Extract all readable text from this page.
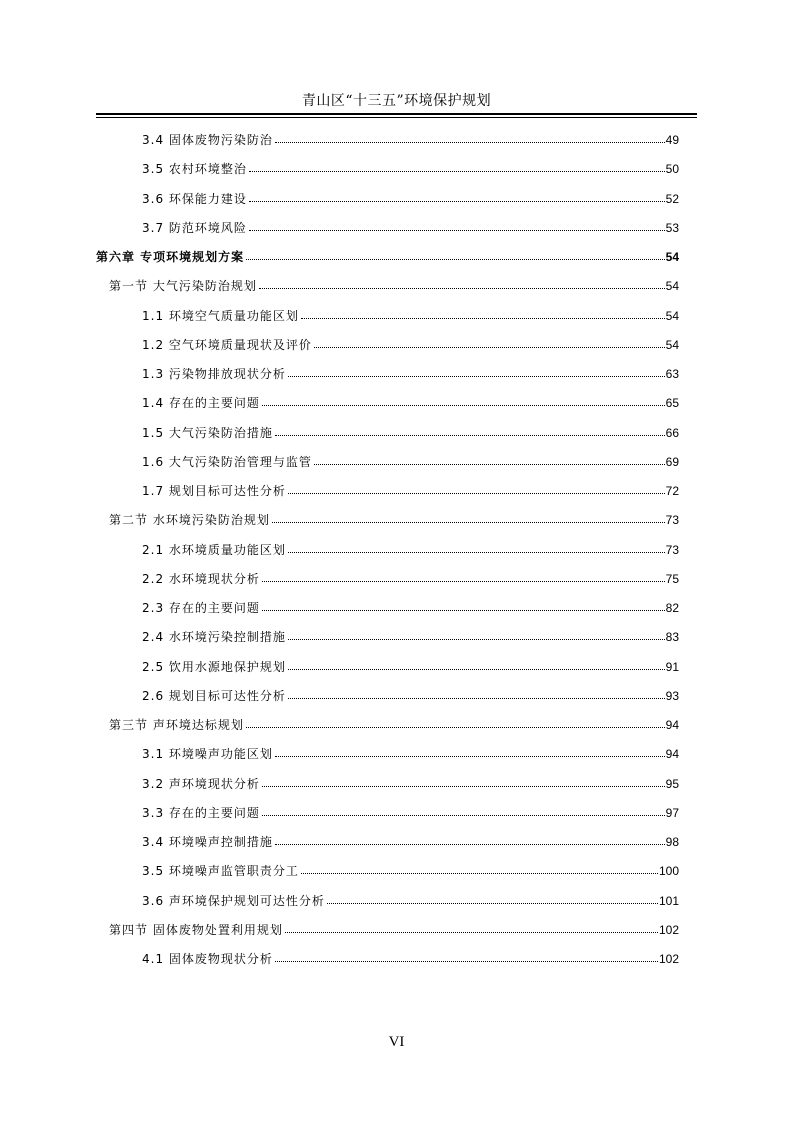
青山区“十三五”环境保护规划
3.4 固体废物污染防治	49
3.5 农村环境整治	50
3.6 环保能力建设	52
3.7 防范环境风险	53
第六章 专项环境规划方案	54
第一节 大气污染防治规划	54
1.1 环境空气质量功能区划	54
1.2 空气环境质量现状及评价	54
1.3 污染物排放现状分析	63
1.4 存在的主要问题	65
1.5 大气污染防治措施	66
1.6 大气污染防治管理与监管	69
1.7 规划目标可达性分析	72
第二节 水环境污染防治规划	73
2.1 水环境质量功能区划	73
2.2 水环境现状分析	75
2.3 存在的主要问题	82
2.4 水环境污染控制措施	83
2.5 饮用水源地保护规划	91
2.6 规划目标可达性分析	93
第三节 声环境达标规划	94
3.1 环境噪声功能区划	94
3.2 声环境现状分析	95
3.3 存在的主要问题	97
3.4 环境噪声控制措施	98
3.5 环境噪声监管职责分工	100
3.6 声环境保护规划可达性分析	101
第四节 固体废物处置利用规划	102
4.1 固体废物现状分析	102
VI
